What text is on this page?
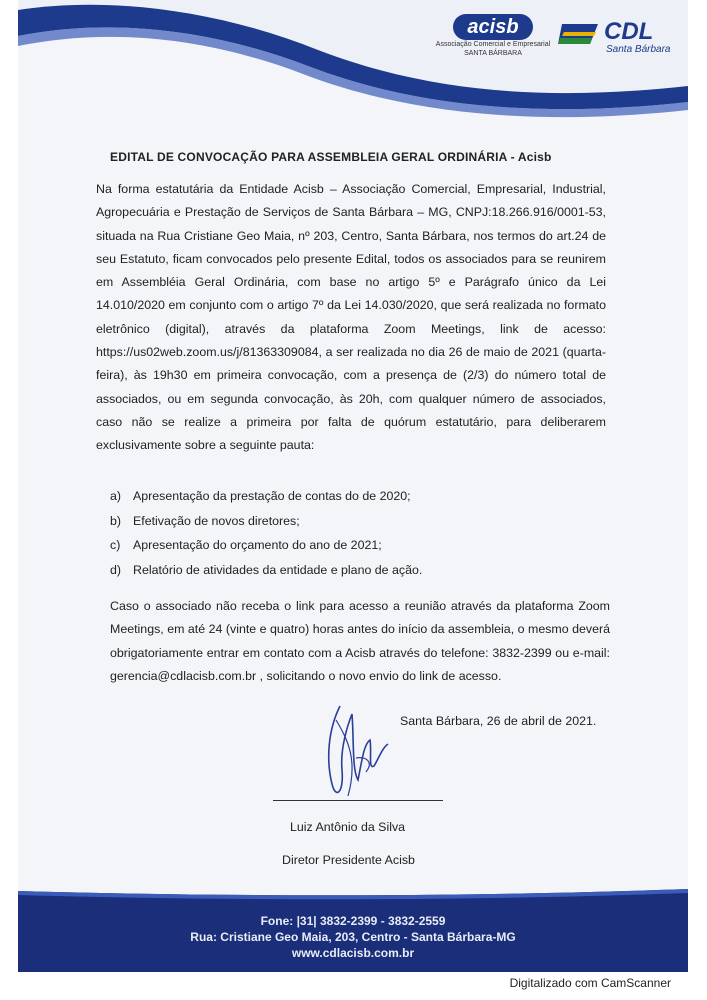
acisb
Associação Comercial e Empresarial
SANTA BÁRBARA
CDL
Santa Bárbara
EDITAL DE CONVOCAÇÃO PARA ASSEMBLEIA GERAL ORDINÁRIA - Acisb
Na forma estatutária da Entidade Acisb – Associação Comercial, Empresarial, Industrial, Agropecuária e Prestação de Serviços de Santa Bárbara – MG, CNPJ:18.266.916/0001-53, situada na Rua Cristiane Geo Maia, nº 203, Centro, Santa Bárbara, nos termos do art.24 de seu Estatuto, ficam convocados pelo presente Edital, todos os associados para se reunirem em Assembléia Geral Ordinária, com base no artigo 5º e Parágrafo único da Lei 14.010/2020 em conjunto com o artigo 7º da Lei 14.030/2020, que será realizada no formato eletrônico (digital), através da plataforma Zoom Meetings, link de acesso: https://us02web.zoom.us/j/81363309084, a ser realizada no dia 26 de maio de 2021 (quarta-feira), às 19h30 em primeira convocação, com a presença de (2/3) do número total de associados, ou em segunda convocação, às 20h, com qualquer número de associados, caso não se realize a primeira por falta de quórum estatutário, para deliberarem exclusivamente sobre a seguinte pauta:
a) Apresentação da prestação de contas do de 2020;
b) Efetivação de novos diretores;
c) Apresentação do orçamento do ano de 2021;
d) Relatório de atividades da entidade e plano de ação.
Caso o associado não receba o link para acesso a reunião através da plataforma Zoom Meetings, em até 24 (vinte e quatro) horas antes do início da assembleia, o mesmo deverá obrigatoriamente entrar em contato com a Acisb através do telefone: 3832-2399 ou e-mail: gerencia@cdlacisb.com.br , solicitando o novo envio do link de acesso.
Santa Bárbara, 26 de abril de 2021.
Luiz Antônio da Silva
Diretor Presidente Acisb
Fone: |31| 3832-2399 - 3832-2559
Rua: Cristiane Geo Maia, 203, Centro - Santa Bárbara-MG
www.cdlacisb.com.br
Digitalizado com CamScanner
